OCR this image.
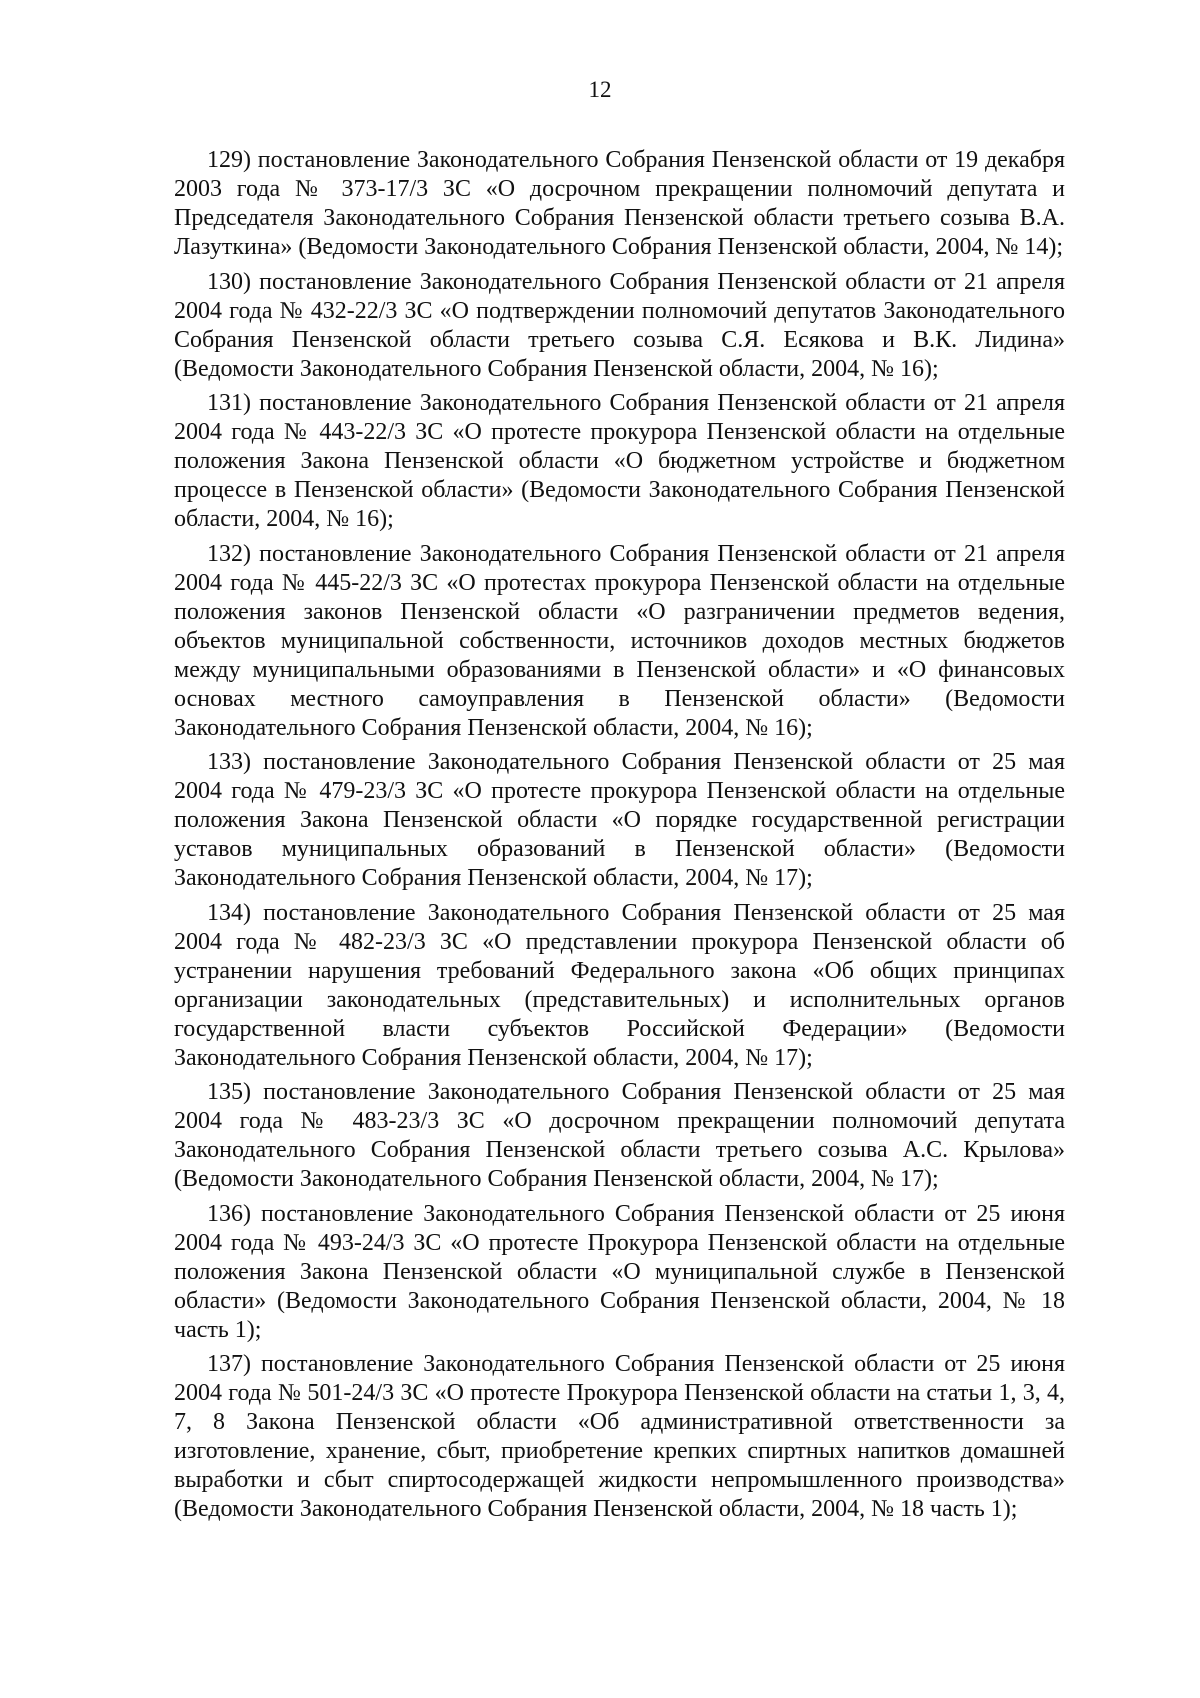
12

129) постановление Законодательного Собрания Пензенской области от 19 декабря 2003 года № 373-17/3 ЗС «О досрочном прекращении полномочий депутата и Председателя Законодательного Собрания Пензенской области третьего созыва В.А. Лазуткина» (Ведомости Законодательного Собрания Пензенской области, 2004, № 14);

130) постановление Законодательного Собрания Пензенской области от 21 апреля 2004 года № 432-22/3 ЗС «О подтверждении полномочий депутатов Законодательного Собрания Пензенской области третьего созыва С.Я. Есякова и В.К. Лидина» (Ведомости Законодательного Собрания Пензенской области, 2004, № 16);

131) постановление Законодательного Собрания Пензенской области от 21 апреля 2004 года № 443-22/3 ЗС «О протесте прокурора Пензенской области на отдельные положения Закона Пензенской области «О бюджетном устройстве и бюджетном процессе в Пензенской области» (Ведомости Законодательного Собрания Пензенской области, 2004, № 16);

132) постановление Законодательного Собрания Пензенской области от 21 апреля 2004 года № 445-22/3 ЗС «О протестах прокурора Пензенской области на отдельные положения законов Пензенской области «О разграничении предметов ведения, объектов муниципальной собственности, источников доходов местных бюджетов между муниципальными образованиями в Пензенской области» и «О финансовых основах местного самоуправления в Пензенской области» (Ведомости Законодательного Собрания Пензенской области, 2004, № 16);

133) постановление Законодательного Собрания Пензенской области от 25 мая 2004 года № 479-23/3 ЗС «О протесте прокурора Пензенской области на отдельные положения Закона Пензенской области «О порядке государственной регистрации уставов муниципальных образований в Пензенской области» (Ведомости Законодательного Собрания Пензенской области, 2004, № 17);

134) постановление Законодательного Собрания Пензенской области от 25 мая 2004 года № 482-23/3 ЗС «О представлении прокурора Пензенской области об устранении нарушения требований Федерального закона «Об общих принципах организации законодательных (представительных) и исполнительных органов государственной власти субъектов Российской Федерации» (Ведомости Законодательного Собрания Пензенской области, 2004, № 17);

135) постановление Законодательного Собрания Пензенской области от 25 мая 2004 года № 483-23/3 ЗС «О досрочном прекращении полномочий депутата Законодательного Собрания Пензенской области третьего созыва А.С. Крылова» (Ведомости Законодательного Собрания Пензенской области, 2004, № 17);

136) постановление Законодательного Собрания Пензенской области от 25 июня 2004 года № 493-24/3 ЗС «О протесте Прокурора Пензенской области на отдельные положения Закона Пензенской области «О муниципальной службе в Пензенской области» (Ведомости Законодательного Собрания Пензенской области, 2004, № 18 часть 1);

137) постановление Законодательного Собрания Пензенской области от 25 июня 2004 года № 501-24/3 ЗС «О протесте Прокурора Пензенской области на статьи 1, 3, 4, 7, 8 Закона Пензенской области «Об административной ответственности за изготовление, хранение, сбыт, приобретение крепких спиртных напитков домашней выработки и сбыт спиртосодержащей жидкости непромышленного производства» (Ведомости Законодательного Собрания Пензенской области, 2004, № 18 часть 1);
